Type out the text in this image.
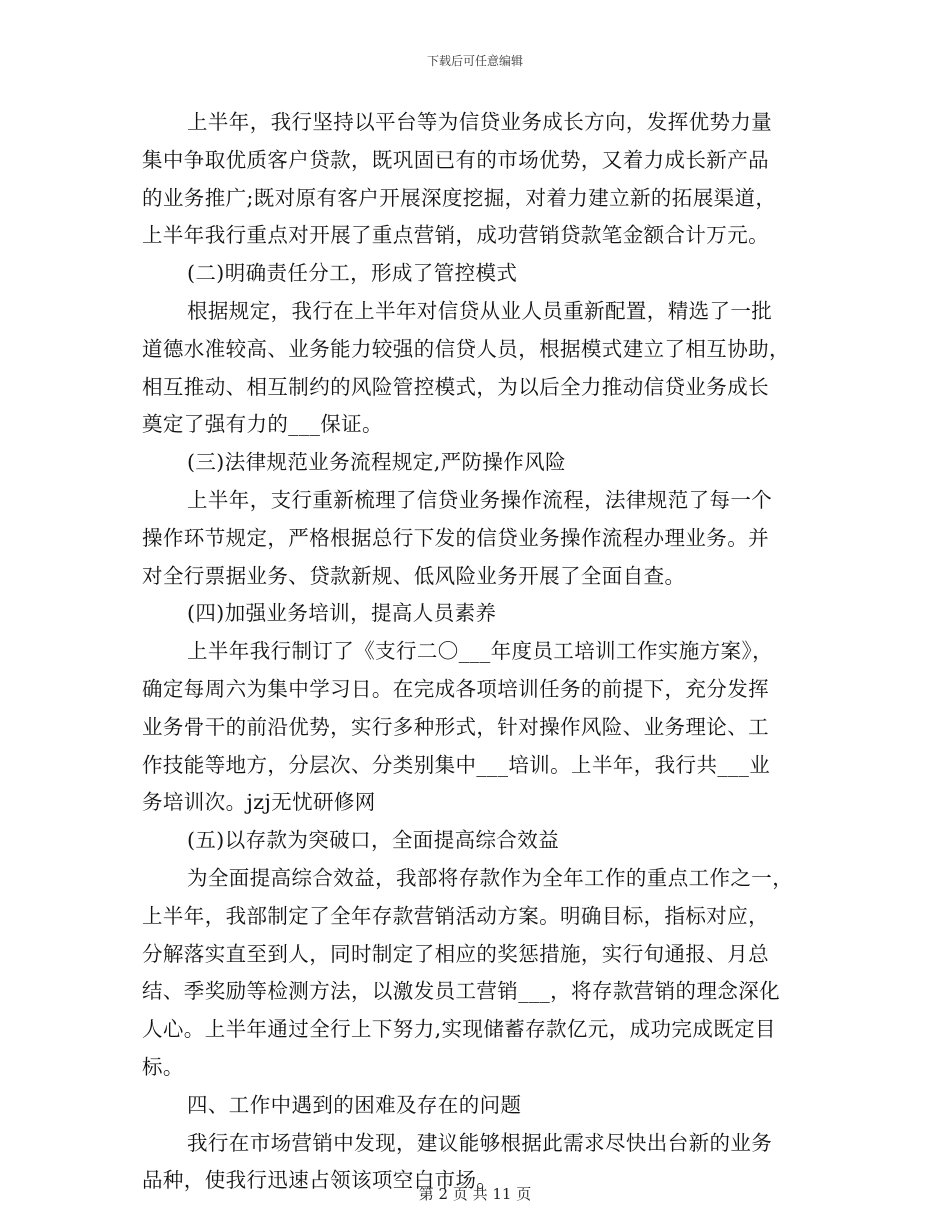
下载后可任意编辑
上半年，我行坚持以平台等为信贷业务成长方向，发挥优势力量
集中争取优质客户贷款，既巩固已有的市场优势，又着力成长新产品
的业务推广;既对原有客户开展深度挖掘，对着力建立新的拓展渠道，
上半年我行重点对开展了重点营销，成功营销贷款笔金额合计万元。
(二)明确责任分工，形成了管控模式
根据规定，我行在上半年对信贷从业人员重新配置，精选了一批
道德水准较高、业务能力较强的信贷人员，根据模式建立了相互协助，
相互推动、相互制约的风险管控模式，为以后全力推动信贷业务成长
奠定了强有力的___保证。
(三)法律规范业务流程规定,严防操作风险
上半年，支行重新梳理了信贷业务操作流程，法律规范了每一个
操作环节规定，严格根据总行下发的信贷业务操作流程办理业务。并
对全行票据业务、贷款新规、低风险业务开展了全面自查。
(四)加强业务培训，提高人员素养
上半年我行制订了《支行二〇___年度员工培训工作实施方案》，
确定每周六为集中学习日。在完成各项培训任务的前提下，充分发挥
业务骨干的前沿优势，实行多种形式，针对操作风险、业务理论、工
作技能等地方，分层次、分类别集中___培训。上半年，我行共___业
务培训次。jzj无忧研修网
(五)以存款为突破口，全面提高综合效益
为全面提高综合效益，我部将存款作为全年工作的重点工作之一，
上半年，我部制定了全年存款营销活动方案。明确目标，指标对应，
分解落实直至到人，同时制定了相应的奖惩措施，实行旬通报、月总
结、季奖励等检测方法，以激发员工营销___，将存款营销的理念深化
人心。上半年通过全行上下努力,实现储蓄存款亿元，成功完成既定目
标。
四、工作中遇到的困难及存在的问题
我行在市场营销中发现，建议能够根据此需求尽快出台新的业务
品种，使我行迅速占领该项空白市场。
第 2 页 共 11 页
